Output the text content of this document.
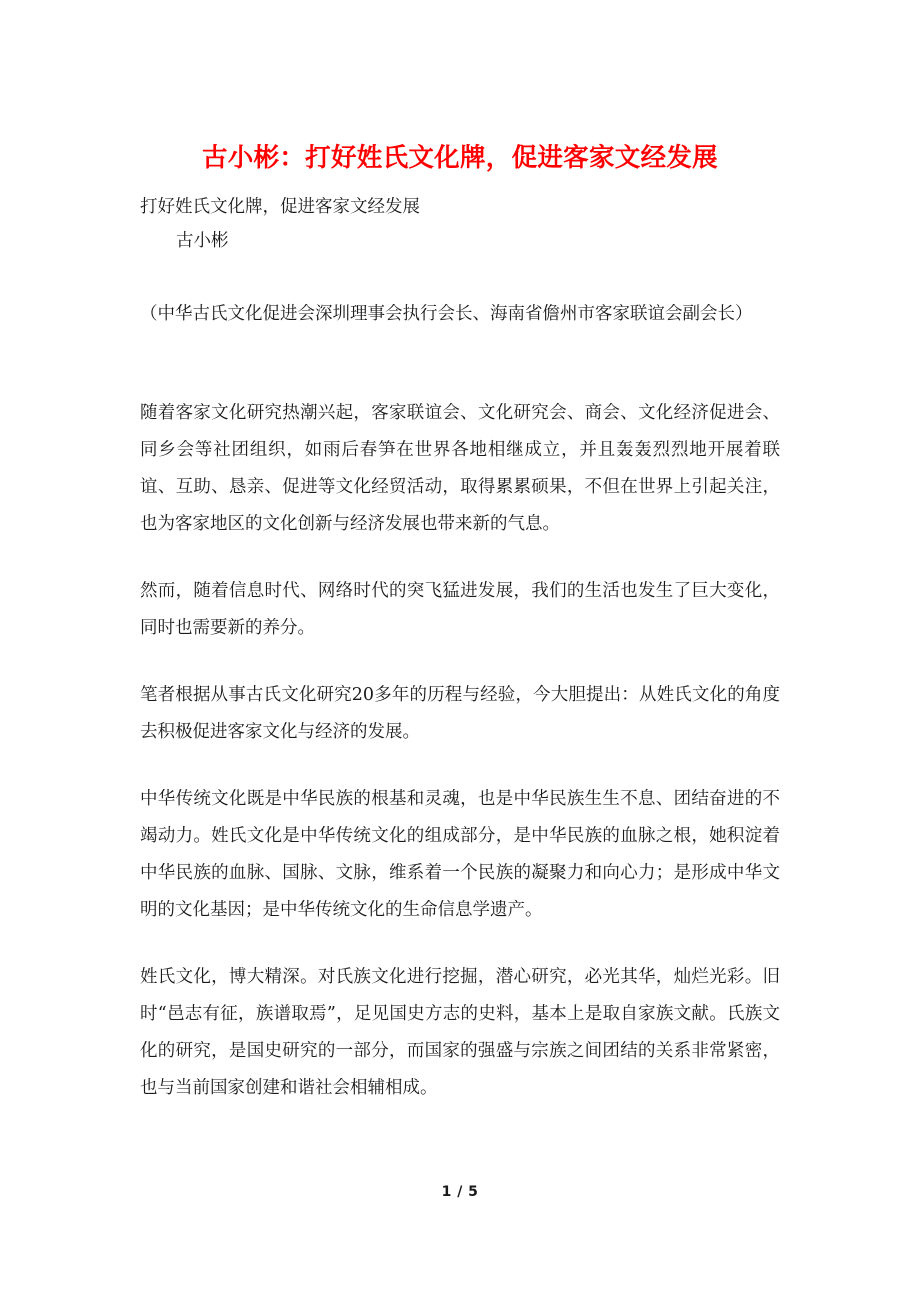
古小彬：打好姓氏文化牌，促进客家文经发展

打好姓氏文化牌，促进客家文经发展

古小彬

（中华古氏文化促进会深圳理事会执行会长、海南省儋州市客家联谊会副会长）

随着客家文化研究热潮兴起，客家联谊会、文化研究会、商会、文化经济促进会、同乡会等社团组织，如雨后春笋在世界各地相继成立，并且轰轰烈烈地开展着联谊、互助、恳亲、促进等文化经贸活动，取得累累硕果，不但在世界上引起关注，也为客家地区的文化创新与经济发展也带来新的气息。

然而，随着信息时代、网络时代的突飞猛进发展，我们的生活也发生了巨大变化，同时也需要新的养分。

笔者根据从事古氏文化研究20多年的历程与经验，今大胆提出：从姓氏文化的角度去积极促进客家文化与经济的发展。

中华传统文化既是中华民族的根基和灵魂，也是中华民族生生不息、团结奋进的不竭动力。姓氏文化是中华传统文化的组成部分，是中华民族的血脉之根，她积淀着中华民族的血脉、国脉、文脉，维系着一个民族的凝聚力和向心力；是形成中华文明的文化基因；是中华传统文化的生命信息学遗产。

姓氏文化，博大精深。对氏族文化进行挖掘，潜心研究，必光其华，灿烂光彩。旧时“邑志有征，族谱取焉”，足见国史方志的史料，基本上是取自家族文献。氏族文化的研究，是国史研究的一部分，而国家的强盛与宗族之间团结的关系非常紧密，也与当前国家创建和谐社会相辅相成。

1 / 5
